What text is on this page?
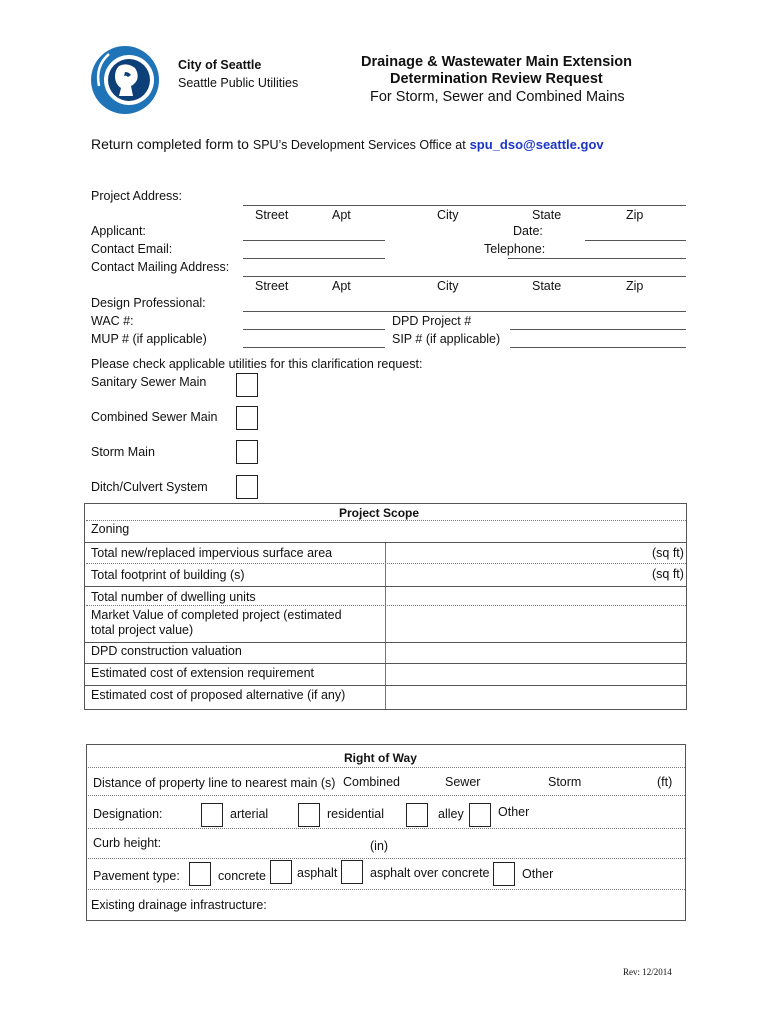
City of Seattle
Seattle Public Utilities
Drainage & Wastewater Main Extension
Determination Review Request
For Storm, Sewer and Combined Mains
Return completed form to SPU’s Development Services Office at spu_dso@seattle.gov
Project Address:
Street	Apt	City	State	Zip
Applicant:	Date:
Contact Email:	Telephone:
Contact Mailing Address:
Street	Apt	City	State	Zip
Design Professional:
WAC #:	DPD Project #
MUP # (if applicable)	SIP # (if applicable)
Please check applicable utilities for this clarification request:
Sanitary Sewer Main
Combined Sewer Main
Storm Main
Ditch/Culvert System
Project Scope
Zoning
Total new/replaced impervious surface area	(sq ft)
Total footprint of building (s)	(sq ft)
Total number of dwelling units
Market Value of completed project (estimated
total project value)
DPD construction valuation
Estimated cost of extension requirement
Estimated cost of proposed alternative (if any)
Right of Way
Distance of property line to nearest main (s) Combined	Sewer	Storm	(ft)
Designation:	arterial	residential	alley	Other
Curb height:	(in)
Pavement type:	concrete asphalt	asphalt over concrete	Other
Existing drainage infrastructure:
Rev: 12/2014
